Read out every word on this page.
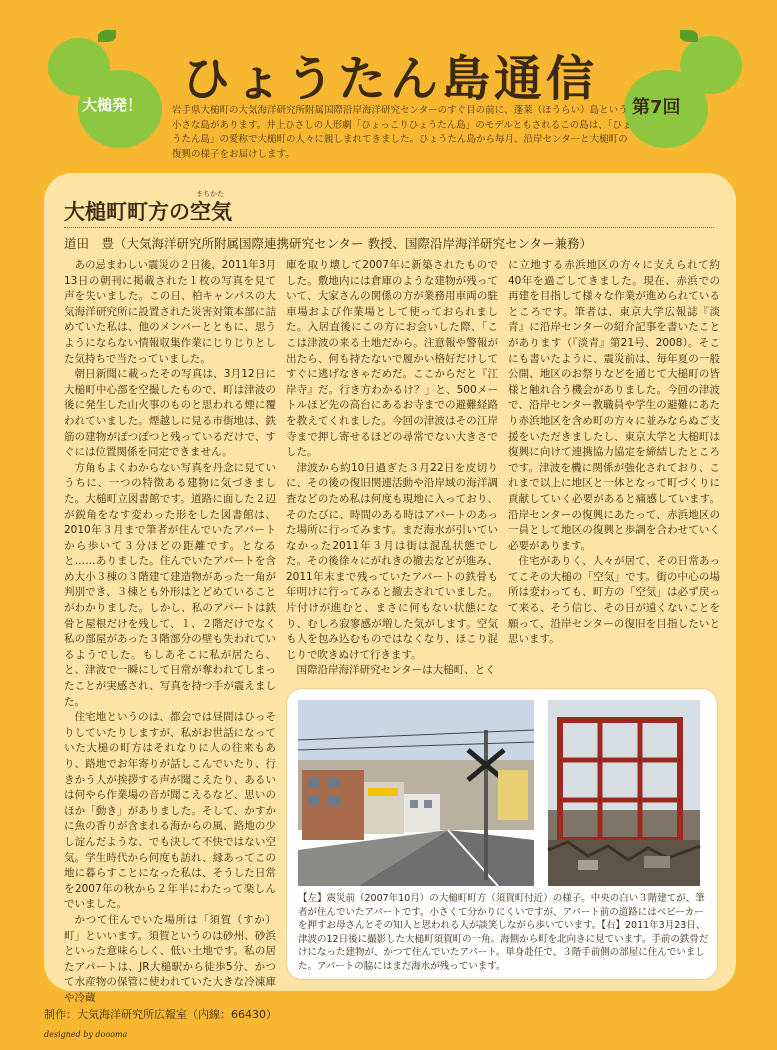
大槌発！	第7回
ひょうたん島通信
岩手県大槌町の大気海洋研究所附属国際沿岸海洋研究センターのすぐ目の前に、蓬莱（ほうらい）島という小さな島があります。井上ひさしの人形劇「ひょっこりひょうたん島」のモデルともされるこの島は、「ひょうたん島」の愛称で大槌町の人々に親しまれてきました。ひょうたん島から毎月、沿岸センターと大槌町の復興の様子をお届けします。
まちかた
大槌町町方の空気
道田　豊（大気海洋研究所附属国際連携研究センター 教授、国際沿岸海洋研究センター兼務）

あの忌まわしい震災の２日後、2011年3月13日の朝刊に掲載された１枚の写真を見て声を失いました。この日、柏キャンパスの大気海洋研究所に設置された災害対策本部に詰めていた私は、他のメンバーとともに、思うようにならない情報収集作業にじりじりとした気持ちで当たっていました。

朝日新聞に載ったその写真は、3月12日に大槌町中心部を空撮したもので、町は津波の後に発生した山火事のものと思われる煙に覆われていました。煙越しに見る市街地は、鉄筋の建物がぽつぽつと残っているだけで、すぐには位置関係を同定できません。

方角もよくわからない写真を丹念に見ていうちに、一つの特徴ある建物に気づきました。大槌町立図書館です。道路に面した２辺が鋭角をなす変わった形をした図書館は、2010年３月まで筆者が住んでいたアパートから歩いて３分ほどの距離です。となると……ありました。住んでいたアパートを含め大小３棟の３階建て建造物があった一角が判別でき、３棟とも外形はとどめていることがわかりました。しかし、私のアパートは鉄骨と屋根だけを残して、１、２階だけでなく私の部屋があった３階部分の壁も失われているようでした。もしあそこに私が居たら、と、津波で一瞬にして日常が奪われてしまったことが実感され、写真を持つ手が震えました。

住宅地というのは、都会では昼間はひっそりしていたりしますが、私がお世話になっていた大槌の町方はそれなりに人の往来もあり、路地でお年寄りが話しこんでいたり、行きかう人が挨拶する声が聞こえたり、あるいは何やら作業場の音が聞こえるなど、思いのほか「動き」がありました。そして、かすかに魚の香りが含まれる海からの風、路地の少し淀んだような、でも決して不快ではない空気。学生時代から何度も訪れ、縁あってこの地に暮らすことになった私は、そうした日常を2007年の秋から２年半にわたって楽しんでいました。

かつて住んでいた場所は「須賀（すか）町」といいます。須賀というのは砂州、砂浜といった意味らしく、低い土地です。私の居たアパートは、JR大槌駅から徒歩5分、かつて水産物の保管に使われていた大きな冷凍庫や冷蔵

庫を取り壊して2007年に新築されたものでした。敷地内には倉庫のような建物が残っていて、大家さんの関係の方が業務用車両の駐車場および作業場として使っておられました。入居直後にこの方にお会いした際、「ここは津波の来る土地だから。注意報や警報が出たら、何も持たないで履かい格好だけしてすぐに逃げなきゃだめだ。ここからだと『江岸寺』だ。行き方わかるけ？」と、500メートルほど先の高台にあるお寺までの避難経路を教えてくれました。今回の津波はその江岸寺まで押し寄せるほどの尋常でない大きさでした。

津波から約10日過ぎた３月22日を皮切りに、その後の復旧関連活動や沿岸域の海洋調査などのため私は何度も現地に入っており、そのたびに、時間のある時はアパートのあった場所に行ってみます。まだ海水が引いていなかった2011年３月は街は混乱状態でした。その後徐々にがれきの撤去などが進み、2011年末まで残っていたアパートの鉄骨も年明けに行ってみると撤去されていました。片付けが進むと、まさに何もない状態になり、むしろ寂寥感が増した気がします。空気も人を包み込むものではなくなり、ほこり混じりで吹きぬけて行きます。

国際沿岸海洋研究センターは大槌町、とく

に立地する赤浜地区の方々に支えられて約40年を過ごしてきました。現在、赤浜での再建を目指して様々な作業が進められているところです。筆者は、東京大学広報誌『淡青』に沿岸センターの紹介記事を書いたことがあります（『淡青』第21号、2008）。そこにも書いたように、震災前は、毎年夏の一般公開、地区のお祭りなどを通じて大槌町の皆様と触れ合う機会がありました。今回の津波で、沿岸センター教職員や学生の避難にあたり赤浜地区を含め町の方々に並みならぬご支援をいただきましたし、東京大学と大槌町は復興に向けて連携協力協定を締結したところです。津波を機に関係が強化されており、これまで以上に地区と一体となって町づくりに貢献していく必要があると痛感しています。沿岸センターの復興にあたって、赤浜地区の一員として地区の復興と歩調を合わせていく必要があります。

住宅がありく、人々が居て、その日常あってこその大槌の「空気」です。街の中心の場所は変わっても、町方の「空気」は必ず戻って来る、そう信じ、その日が遠くないことを願って、沿岸センターの復旧を目指したいと思います。

【左】震災前（2007年10月）の大槌町町方（須賀町付近）の様子。中央の白い３階建てが、筆者が住んでいたアパートです。小さくて分かりにくいですが、アパート前の道路にはベビーカーを押すお母さんとその知人と思われる人が談笑しながら歩いています。【右】2011年3月23日、津波の12日後に撮影した大槌町須賀町の一角。海側から町を北向きに見ています。手前の鉄骨だけになった建物が、かつて住んでいたアパート。単身赴任で、３階手前側の部屋に住んでいました。アパートの脇にはまだ海水が残っています。
制作：大気海洋研究所広報室（内線：66430）
designed by doooma
